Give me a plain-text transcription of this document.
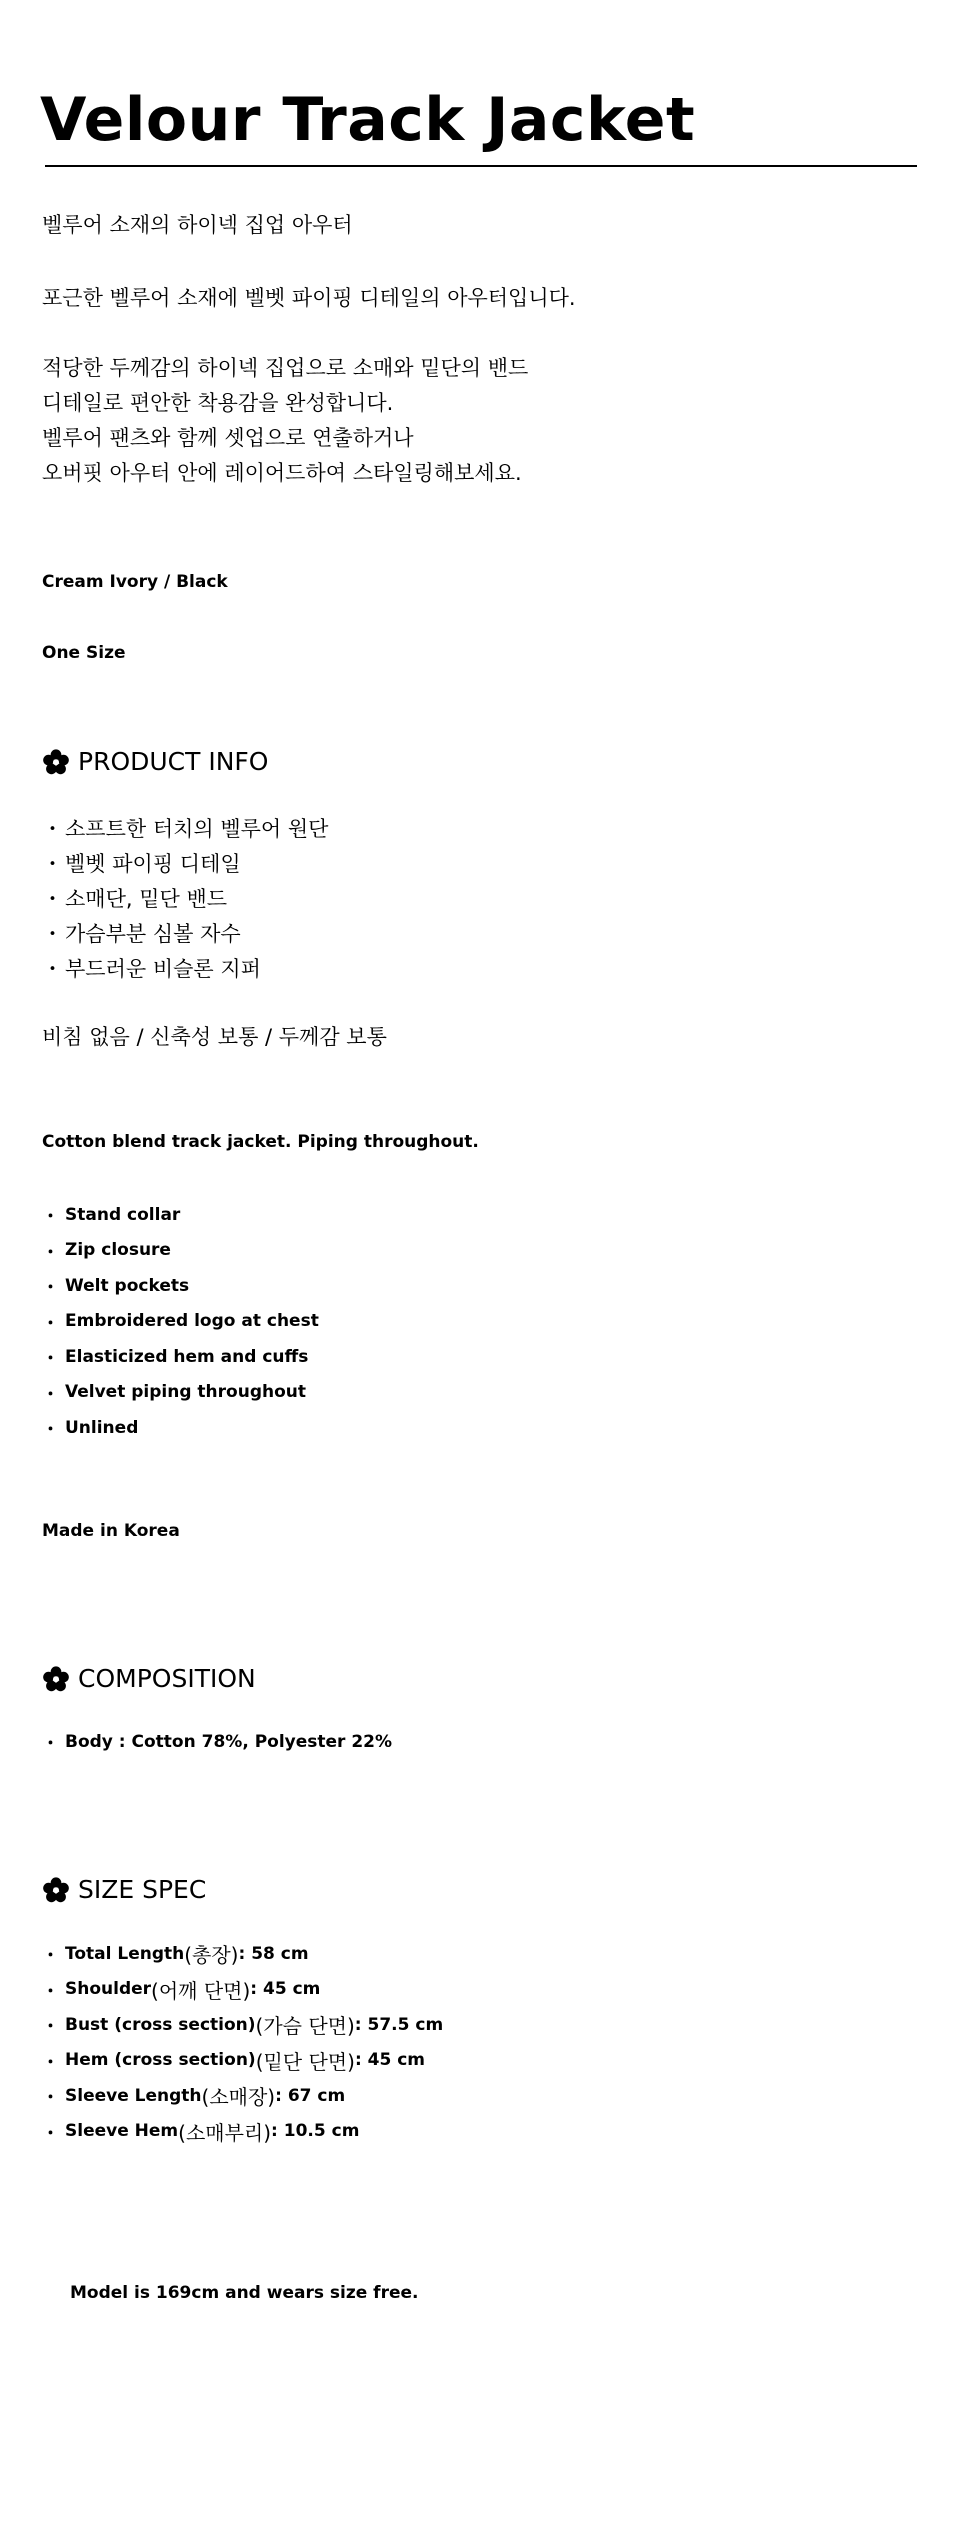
Velour Track Jacket
벨루어 소재의 하이넥 집업 아우터
포근한 벨루어 소재에 벨벳 파이핑 디테일의 아우터입니다.
적당한 두께감의 하이넥 집업으로 소매와 밑단의 밴드
디테일로 편안한 착용감을 완성합니다.
벨루어 팬츠와 함께 셋업으로 연출하거나
오버핏 아우터 안에 레이어드하여 스타일링해보세요.
Cream Ivory / Black
One Size
PRODUCT INFO
・ 소프트한 터치의 벨루어 원단
・ 벨벳 파이핑 디테일
・ 소매단, 밑단 밴드
・ 가슴부분 심볼 자수
・ 부드러운 비슬론 지퍼
비침 없음 / 신축성 보통 / 두께감 보통
Cotton blend track jacket. Piping throughout.
・ Stand collar
・ Zip closure
・ Welt pockets
・ Embroidered logo at chest
・ Elasticized hem and cuffs
・ Velvet piping throughout
・ Unlined
Made in Korea
COMPOSITION
・ Body : Cotton 78%, Polyester 22%
SIZE SPEC
・ Total Length (총장) : 58 cm
・ Shoulder (어깨 단면) : 45 cm
・ Bust (cross section) (가슴 단면) : 57.5 cm
・ Hem (cross section) (밑단 단면) : 45 cm
・ Sleeve Length (소매장) : 67 cm
・ Sleeve Hem (소매부리) : 10.5 cm
Model is 169cm and wears size free.
